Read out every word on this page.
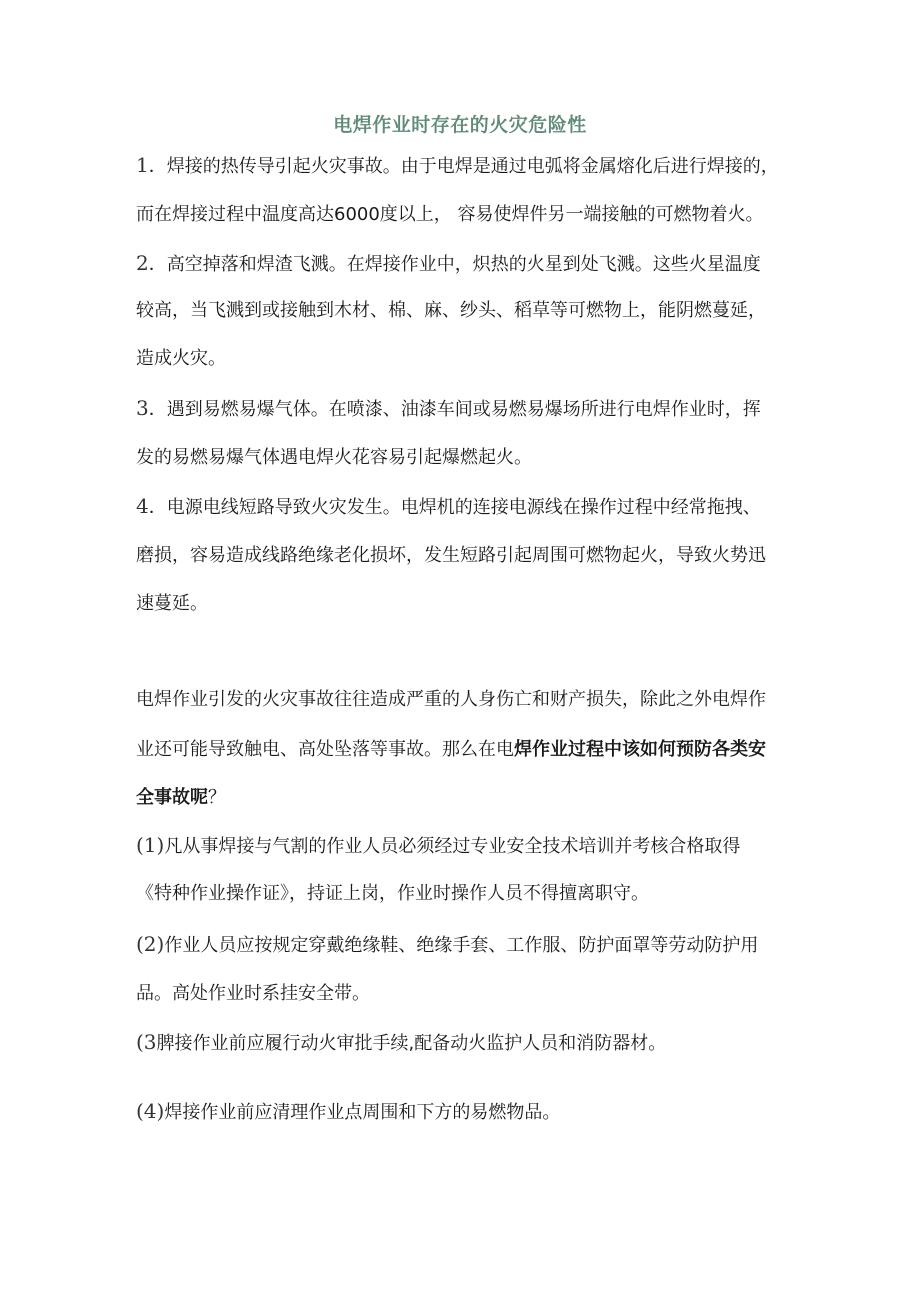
电焊作业时存在的火灾危险性
1．焊接的热传导引起火灾事故。由于电焊是通过电弧将金属熔化后进行焊接的，
而在焊接过程中温度高达6000度以上， 容易使焊件另一端接触的可燃物着火。
2．高空掉落和焊渣飞溅。在焊接作业中，炽热的火星到处飞溅。这些火星温度
较高，当飞溅到或接触到木材、棉、麻、纱头、稻草等可燃物上，能阴燃蔓延，
造成火灾。
3．遇到易燃易爆气体。在喷漆、油漆车间或易燃易爆场所进行电焊作业时，挥
发的易燃易爆气体遇电焊火花容易引起爆燃起火。
4．电源电线短路导致火灾发生。电焊机的连接电源线在操作过程中经常拖拽、
磨损，容易造成线路绝缘老化损坏，发生短路引起周围可燃物起火，导致火势迅
速蔓延。
电焊作业引发的火灾事故往往造成严重的人身伤亡和财产损失，除此之外电焊作
业还可能导致触电、高处坠落等事故。那么在电焊作业过程中该如何预防各类安
全事故呢？
(1)凡从事焊接与气割的作业人员必须经过专业安全技术培训并考核合格取得
《特种作业操作证》，持证上岗，作业时操作人员不得擅离职守。
(2)作业人员应按规定穿戴绝缘鞋、绝缘手套、工作服、防护面罩等劳动防护用
品。高处作业时系挂安全带。
(3脾接作业前应履行动火审批手续,配备动火监护人员和消防器材。
(4)焊接作业前应清理作业点周围和下方的易燃物品。
